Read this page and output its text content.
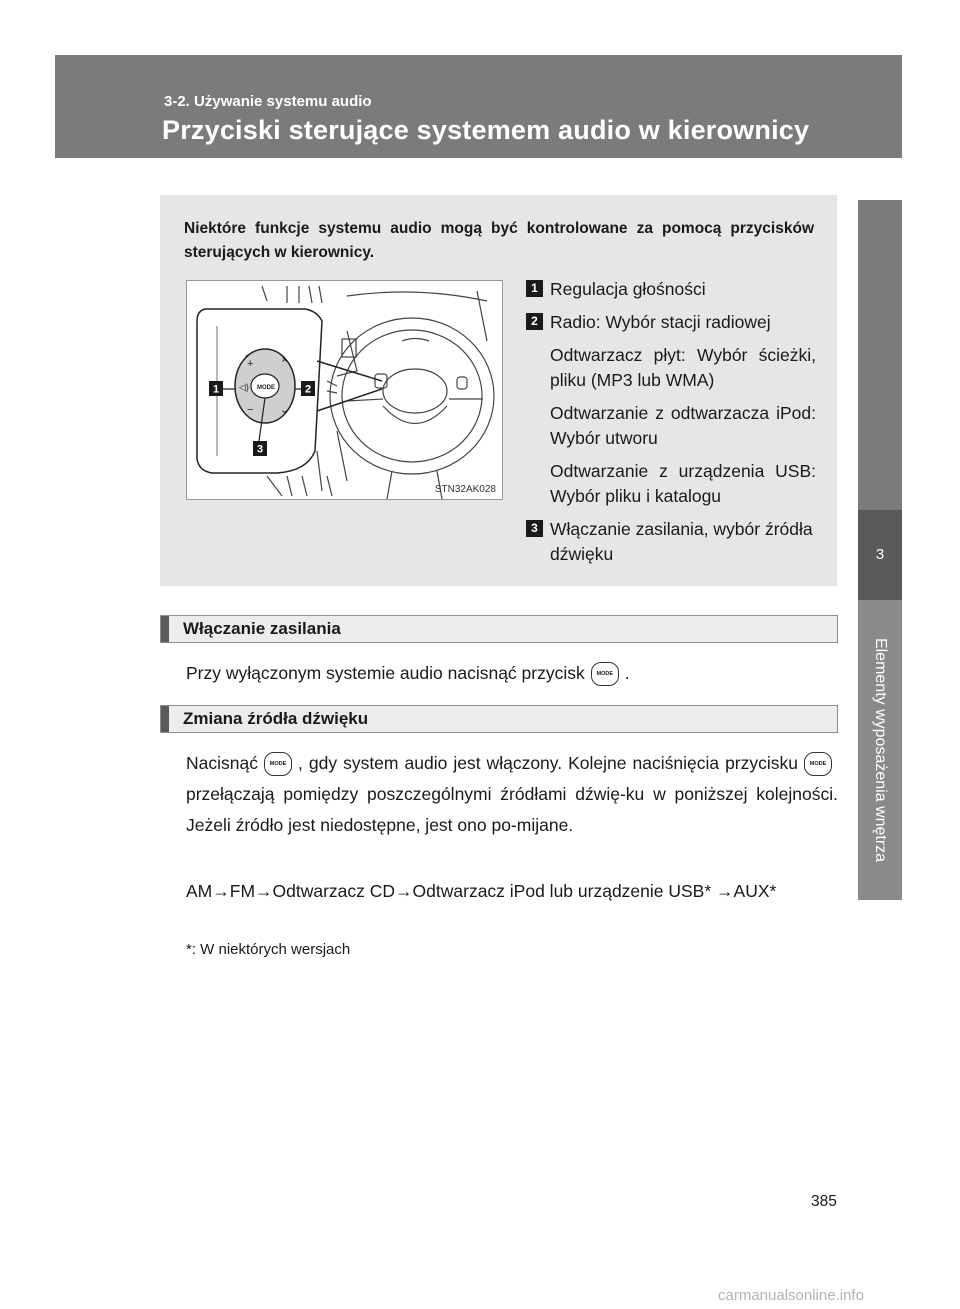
3-2. Używanie systemu audio
Przyciski sterujące systemem audio w kierownicy
3
Elementy wyposażenia wnętrza
Niektóre funkcje systemu audio mogą być kontrolowane za pomocą przycisków sterujących w kierownicy.
+
−
⌃
⌄
◁) MODE
1	2
3
STN32AK028
1 Regulacja głośności
2 Radio: Wybór stacji radiowej
Odtwarzacz płyt: Wybór ścieżki, pliku (MP3 lub WMA)
Odtwarzanie z odtwarzacza iPod: Wybór utworu
Odtwarzanie z urządzenia USB: Wybór pliku i katalogu
3 Włączanie zasilania, wybór źródła dźwięku
Włączanie zasilania
Przy wyłączonym systemie audio nacisnąć przycisk MODE .
Zmiana źródła dźwięku
Nacisnąć MODE , gdy system audio jest włączony. Kolejne naciśnięcia przycisku MODEprzełączają pomiędzy poszczególnymi źródłami dźwię-ku w poniższej kolejności. Jeżeli źródło jest niedostępne, jest ono po-mijane.
AM→FM→Odtwarzacz CD→Odtwarzacz iPod lub urządzenie USB* →AUX*
*: W niektórych wersjach
385
carmanualsonline.info
